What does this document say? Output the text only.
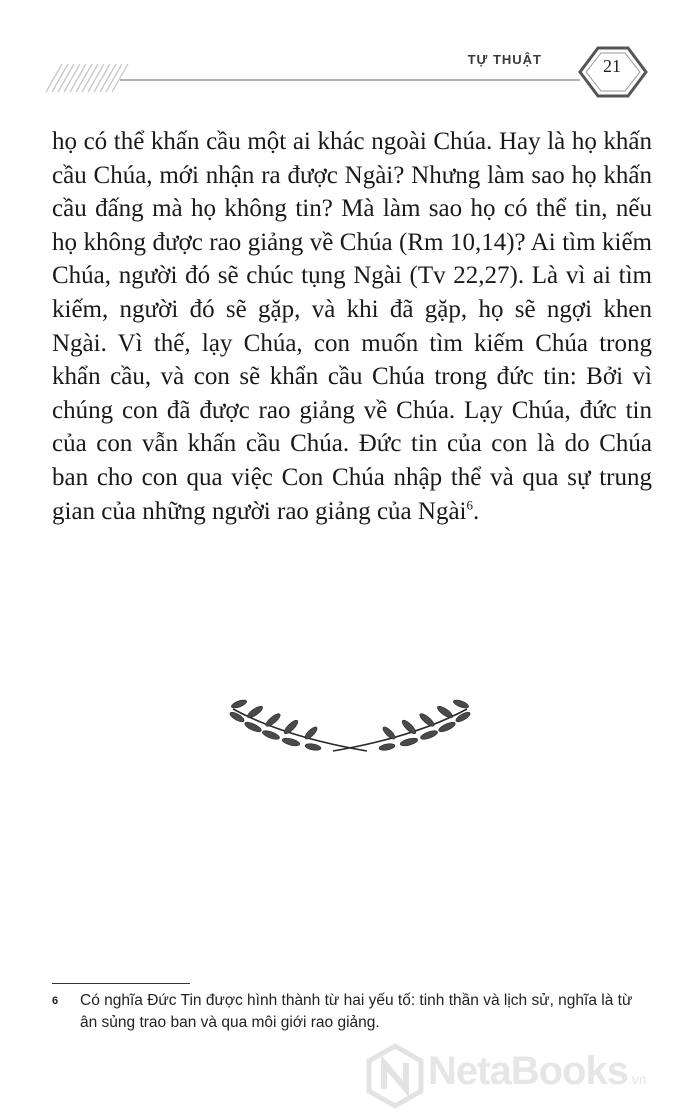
TỰ THUẬT	21

họ có thể khấn cầu một ai khác ngoài Chúa. Hay là họ khấn cầu Chúa, mới nhận ra được Ngài? Nhưng làm sao họ khấn cầu đấng mà họ không tin? Mà làm sao họ có thể tin, nếu họ không được rao giảng về Chúa (Rm 10,14)? Ai tìm kiếm Chúa, người đó sẽ chúc tụng Ngài (Tv 22,27). Là vì ai tìm kiếm, người đó sẽ gặp, và khi đã gặp, họ sẽ ngợi khen Ngài. Vì thế, lạy Chúa, con muốn tìm kiếm Chúa trong khẩn cầu, và con sẽ khẩn cầu Chúa trong đức tin: Bởi vì chúng con đã được rao giảng về Chúa. Lạy Chúa, đức tin của con vẫn khấn cầu Chúa. Đức tin của con là do Chúa ban cho con qua việc Con Chúa nhập thể và qua sự trung gian của những người rao giảng của Ngài$^6$.

6 Có nghĩa Đức Tin được hình thành từ hai yếu tố: tinh thần và lịch sử, nghĩa là từ ân sủng trao ban và qua môi giới rao giảng.
NetaBooks.vn
